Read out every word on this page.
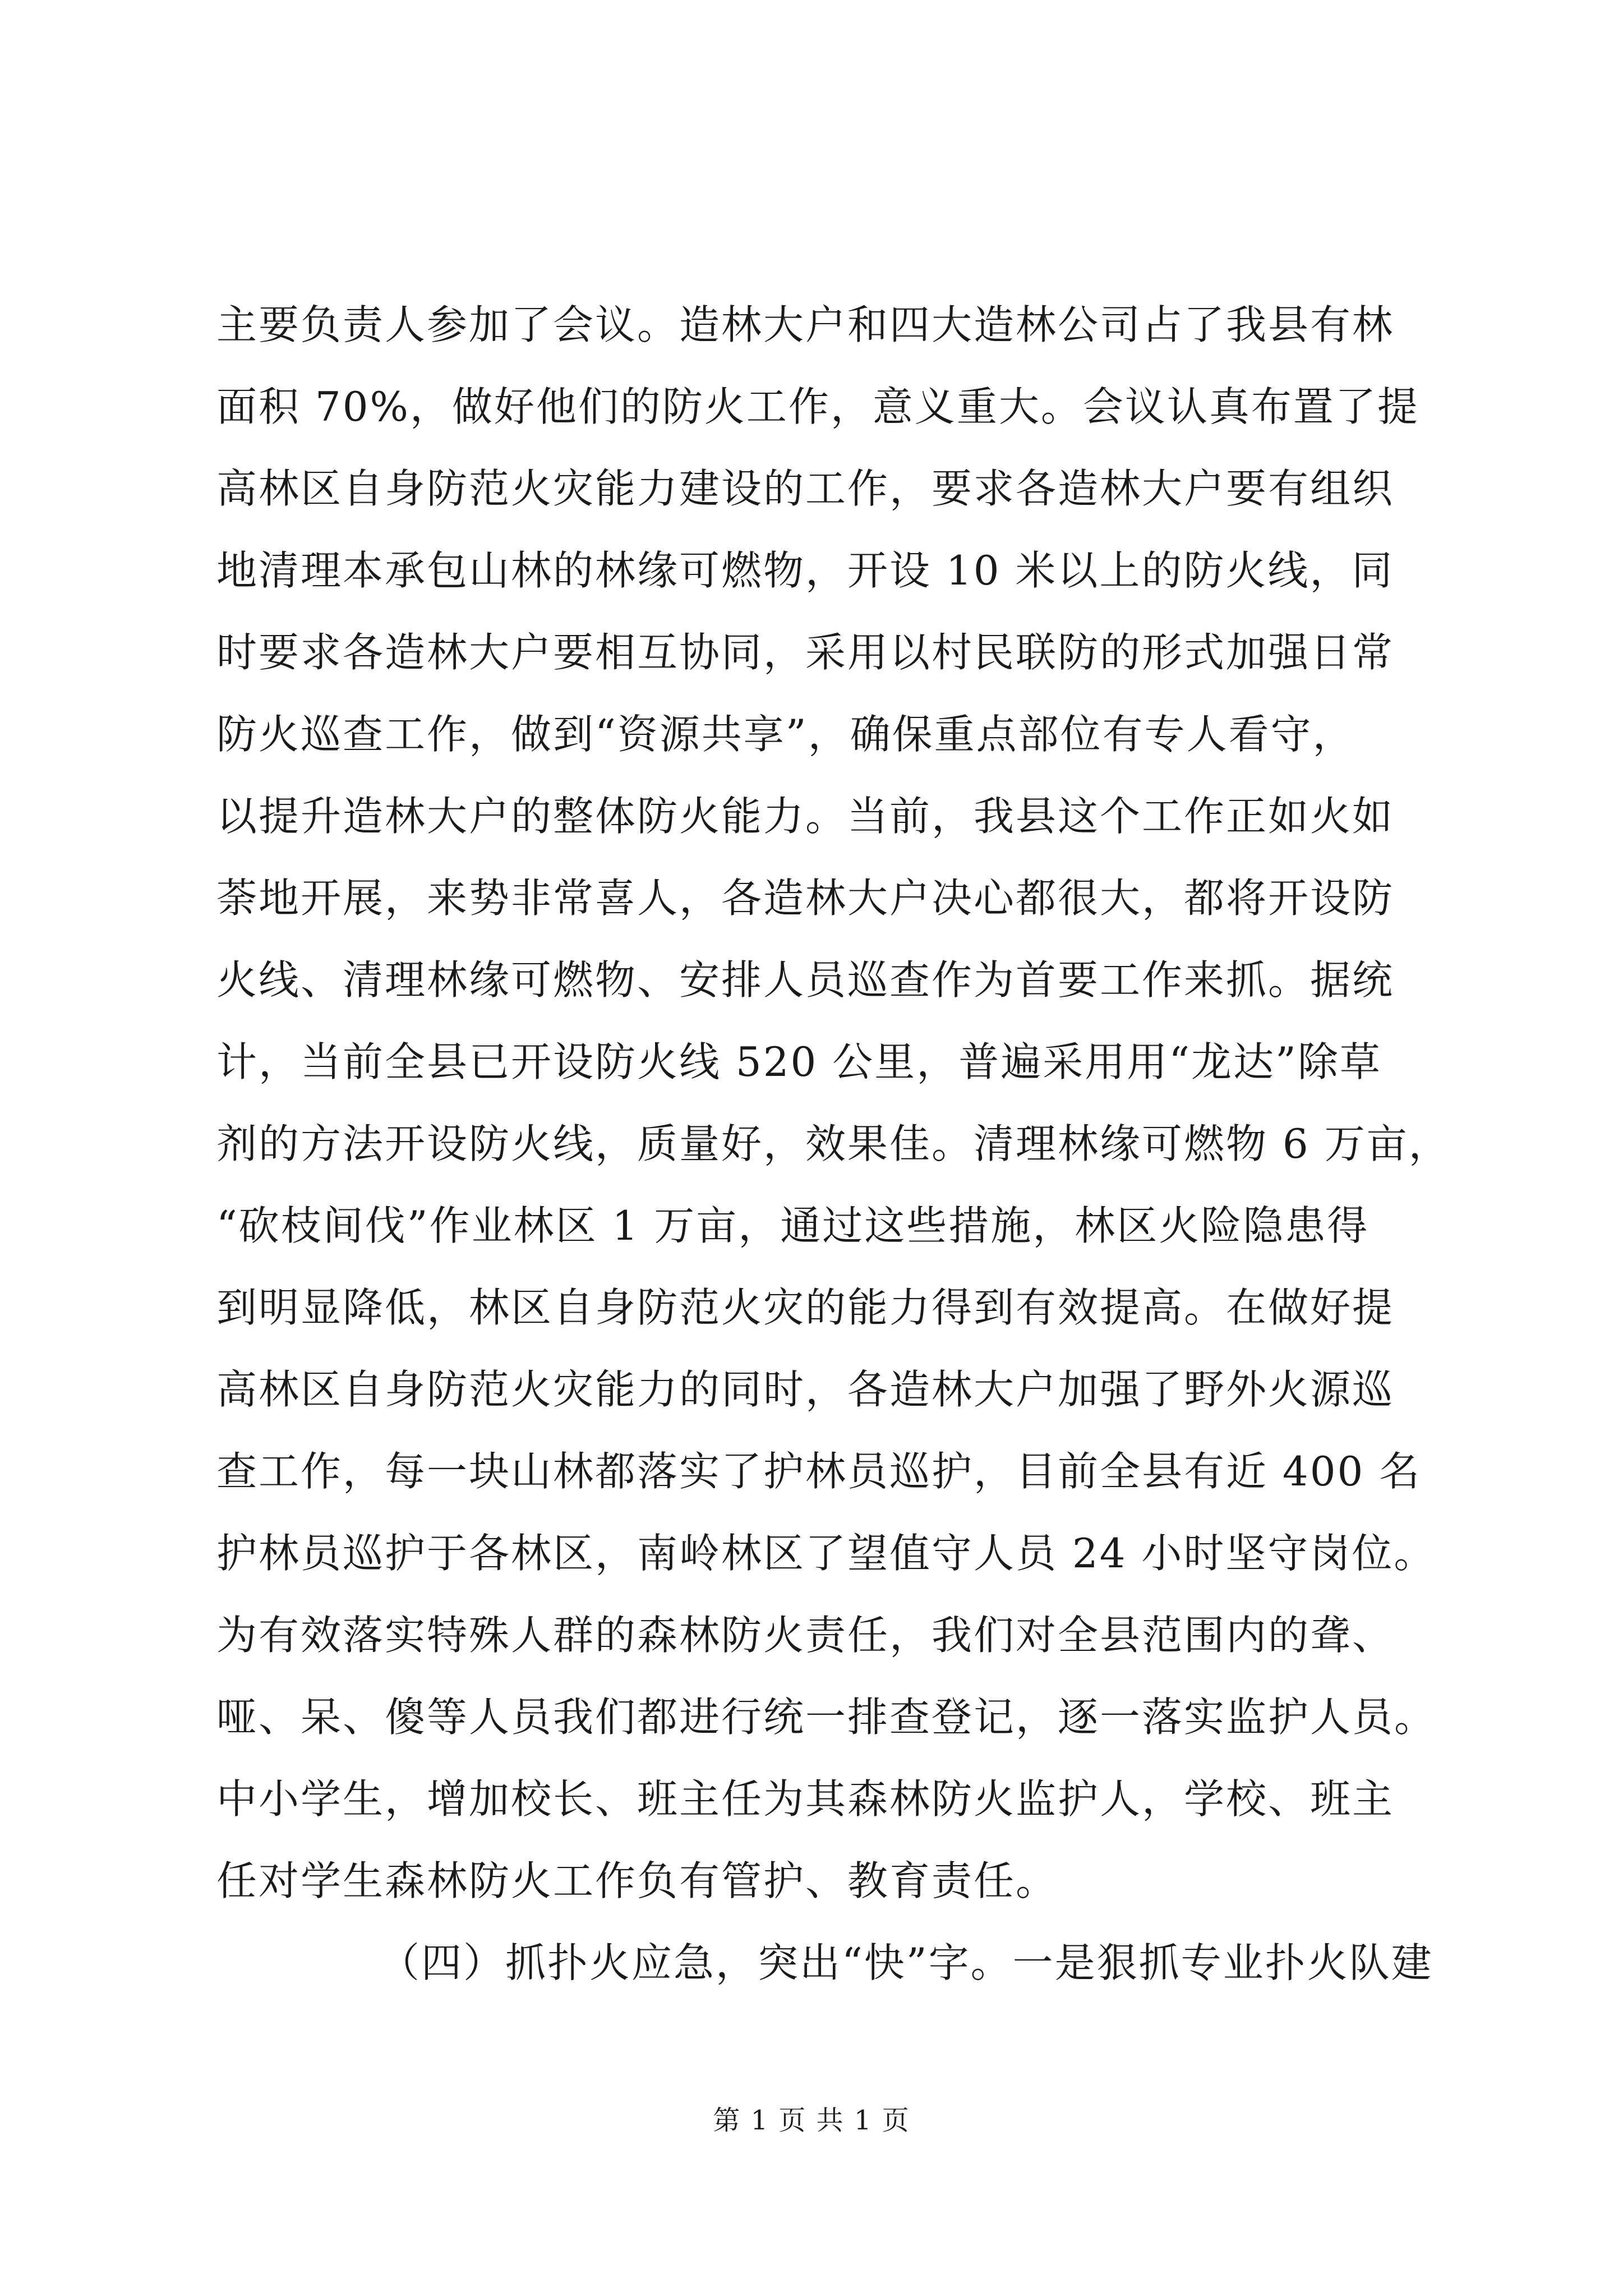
主要负责人参加了会议。造林大户和四大造林公司占了我县有林
面积 70%，做好他们的防火工作，意义重大。会议认真布置了提
高林区自身防范火灾能力建设的工作，要求各造林大户要有组织
地清理本承包山林的林缘可燃物，开设 10 米以上的防火线，同
时要求各造林大户要相互协同，采用以村民联防的形式加强日常
防火巡查工作，做到“资源共享”，确保重点部位有专人看守，
以提升造林大户的整体防火能力。当前，我县这个工作正如火如
荼地开展，来势非常喜人，各造林大户决心都很大，都将开设防
火线、清理林缘可燃物、安排人员巡查作为首要工作来抓。据统
计，当前全县已开设防火线 520 公里，普遍采用用“龙达”除草
剂的方法开设防火线，质量好，效果佳。清理林缘可燃物 6 万亩，
“砍枝间伐”作业林区 1 万亩，通过这些措施，林区火险隐患得
到明显降低，林区自身防范火灾的能力得到有效提高。在做好提
高林区自身防范火灾能力的同时，各造林大户加强了野外火源巡
查工作，每一块山林都落实了护林员巡护，目前全县有近 400 名
护林员巡护于各林区，南岭林区了望值守人员 24 小时坚守岗位。
为有效落实特殊人群的森林防火责任，我们对全县范围内的聋、
哑、呆、傻等人员我们都进行统一排查登记，逐一落实监护人员。
中小学生，增加校长、班主任为其森林防火监护人，学校、班主
任对学生森林防火工作负有管护、教育责任。
（四）抓扑火应急，突出“快”字。一是狠抓专业扑火队建
第 1 页 共 1 页
